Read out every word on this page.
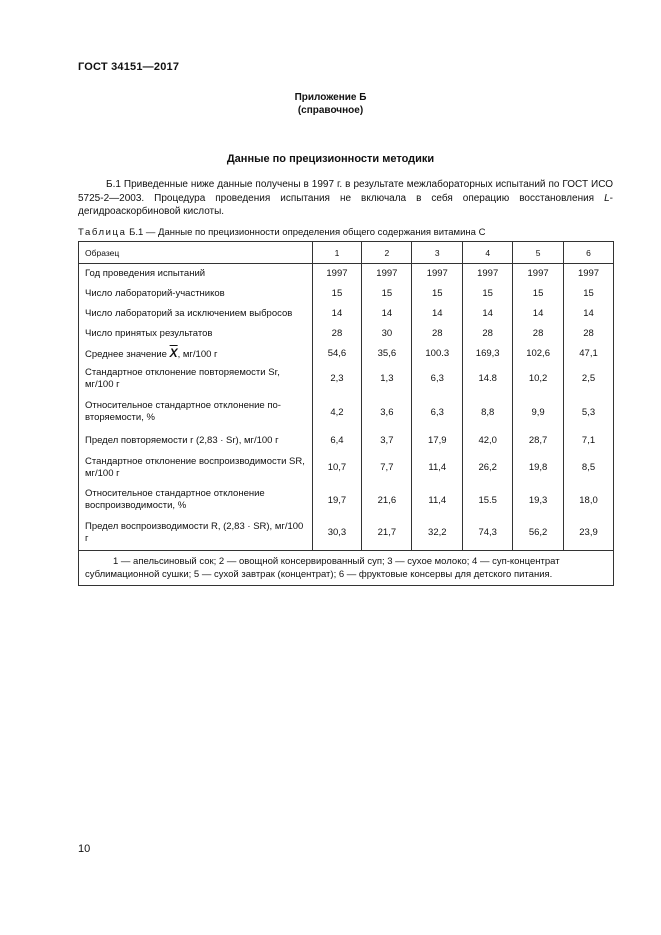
ГОСТ 34151—2017
Приложение Б
(справочное)
Данные по прецизионности методики
Б.1 Приведенные ниже данные получены в 1997 г. в результате межлабораторных испытаний по ГОСТ ИСО 5725-2—2003. Процедура проведения испытания не включала в себя операцию восстановления L-дегидроаскорбиновой кислоты.
Таблица Б.1 — Данные по прецизионности определения общего содержания витамина С
Образец	1	2	3	4	5	6
Год проведения испытаний	1997	1997	1997	1997	1997	1997
Число лабораторий-участников	15	15	15	15	15	15
Число лабораторий за исключением выбросов	14	14	14	14	14	14
Число принятых результатов	28	30	28	28	28	28
Среднее значение $\overline{X}$, мг/100 г	54,6	35,6	100.3	169,3	102,6	47,1
Стандартное отклонение повторяемости Sr, мг/100 г	2,3	1,3	6,3	14.8	10,2	2,5
Относительное стандартное отклонение по-вторяемости, %	4,2	3,6	6,3	8,8	9,9	5,3
Предел повторяемости r (2,83 · Sr), мг/100 г	6,4	3,7	17,9	42,0	28,7	7,1
Стандартное отклонение воспроизводимости SR, мг/100 г	10,7	7,7	11,4	26,2	19,8	8,5
Относительное стандартное отклонение воспроизводимости, %	19,7	21,6	11,4	15.5	19,3	18,0
Предел воспроизводимости R, (2,83 · SR), мг/100 г	30,3	21,7	32,2	74,3	56,2	23,9
1 — апельсиновый сок; 2 — овощной консервированный суп; 3 — сухое молоко; 4 — суп-концентрат сублимационной сушки; 5 — сухой завтрак (концентрат); 6 — фруктовые консервы для детского питания.						
10
